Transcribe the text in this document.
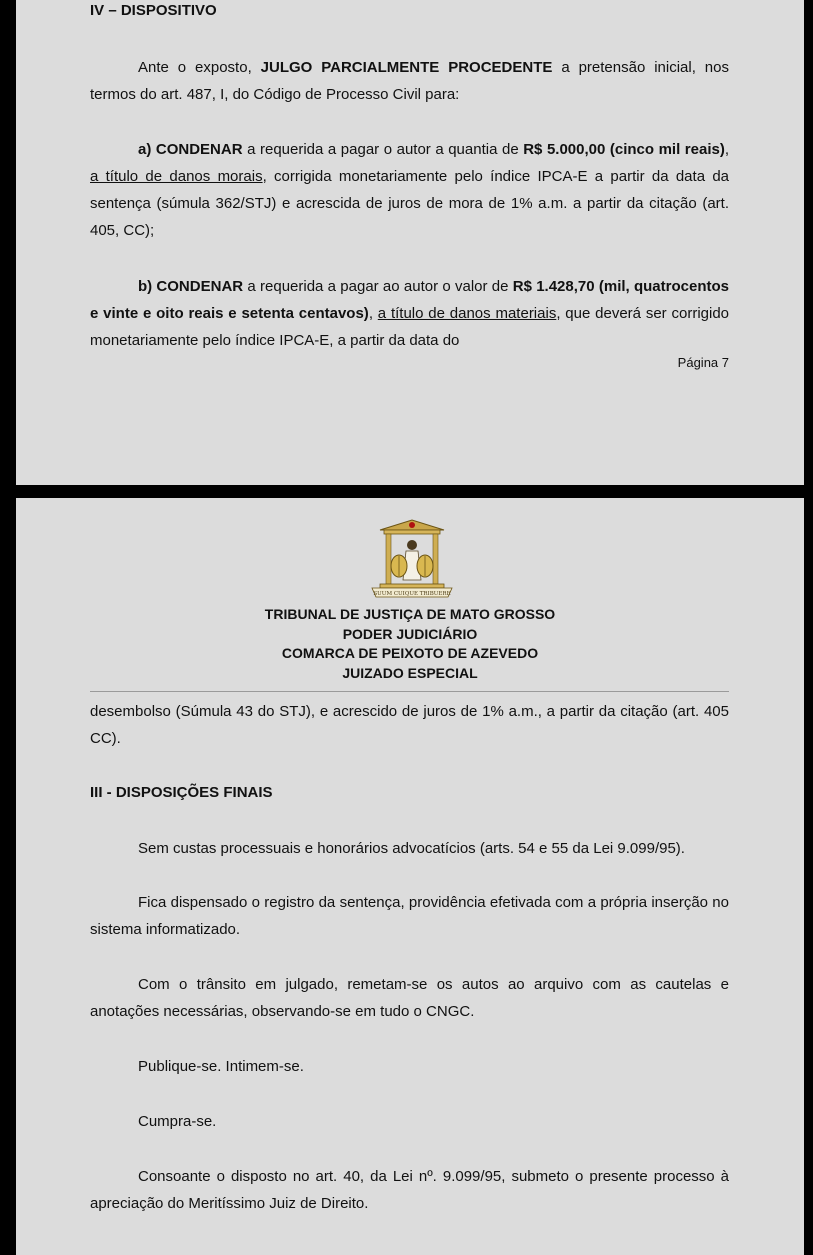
IV – DISPOSITIVO

Ante o exposto, JULGO PARCIALMENTE PROCEDENTE a pretensão inicial, nos termos do art. 487, I, do Código de Processo Civil para:

a) CONDENAR a requerida a pagar o autor a quantia de R$ 5.000,00 (cinco mil reais), a título de danos morais, corrigida monetariamente pelo índice IPCA-E a partir da data da sentença (súmula 362/STJ) e acrescida de juros de mora de 1% a.m. a partir da citação (art. 405, CC);

b) CONDENAR a requerida a pagar ao autor o valor de R$ 1.428,70 (mil, quatrocentos e vinte e oito reais e setenta centavos), a título de danos materiais, que deverá ser corrigido monetariamente pelo índice IPCA-E, a partir da data do

Página 7

SUUM CUIQUE TRIBUERE
TRIBUNAL DE JUSTIÇA DE MATO GROSSO
PODER JUDICIÁRIO
COMARCA DE PEIXOTO DE AZEVEDO
JUIZADO ESPECIAL

desembolso (Súmula 43 do STJ), e acrescido de juros de 1% a.m., a partir da citação (art. 405 CC).

III - DISPOSIÇÕES FINAIS

Sem custas processuais e honorários advocatícios (arts. 54 e 55 da Lei 9.099/95).

Fica dispensado o registro da sentença, providência efetivada com a própria inserção no sistema informatizado.

Com o trânsito em julgado, remetam-se os autos ao arquivo com as cautelas e anotações necessárias, observando-se em tudo o CNGC.

Publique-se. Intimem-se.

Cumpra-se.

Consoante o disposto no art. 40, da Lei nº. 9.099/95, submeto o presente processo à apreciação do Meritíssimo Juiz de Direito.
